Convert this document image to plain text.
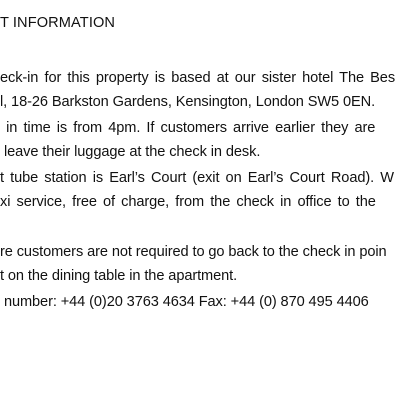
T INFORMATION
eck-in for this property is based at our sister hotel The Bes
l, 18-26 Barkston Gardens, Kensington, London SW5 0EN.
in time is from 4pm. If customers arrive earlier they are
leave their luggage at the check in desk.
t tube station is Earl’s Court (exit on Earl’s Court Road). W
xi service, free of charge, from the check in office to the
re customers are not required to go back to the check in poin
t on the dining table in the apartment.
number: +44 (0)20 3763 4634 Fax: +44 (0) 870 495 4406
